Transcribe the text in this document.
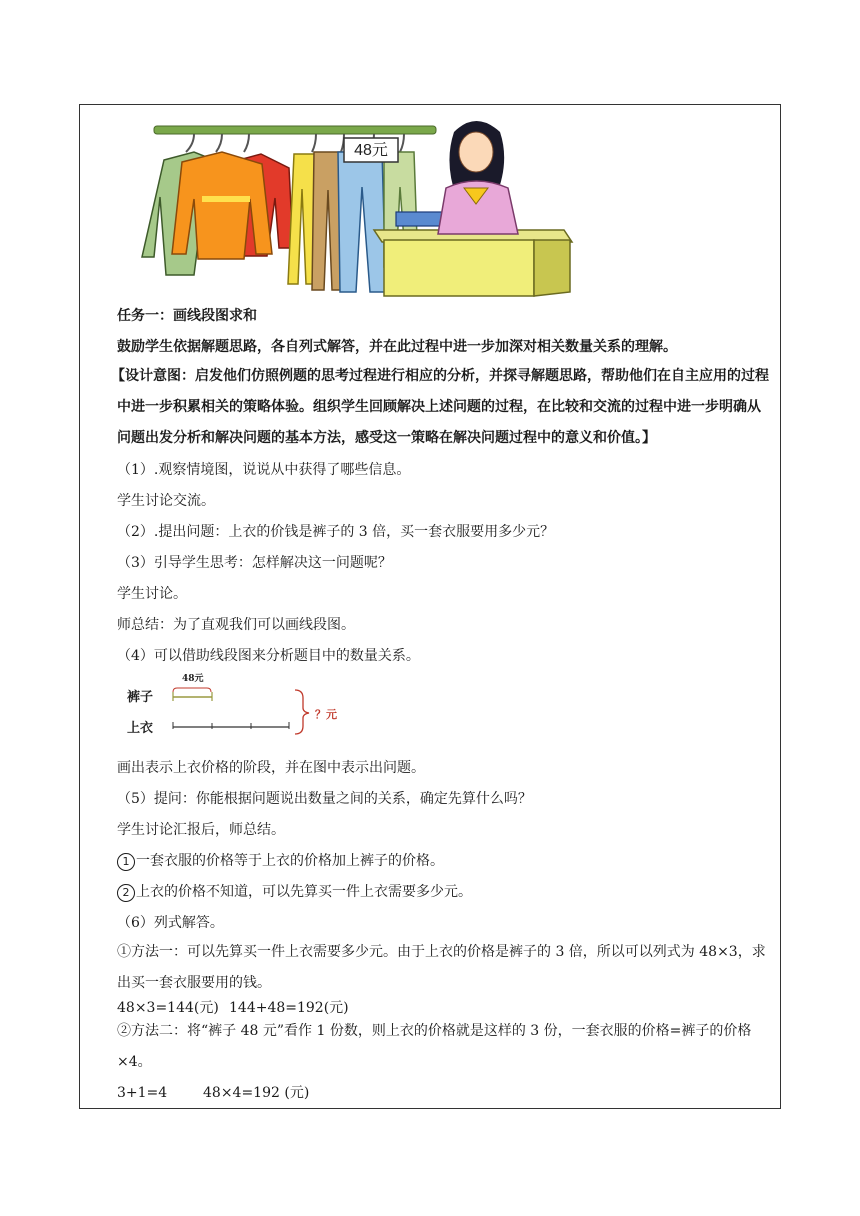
48元
任务一：画线段图求和
鼓励学生依据解题思路，各自列式解答，并在此过程中进一步加深对相关数量关系的理解。
【设计意图：启发他们仿照例题的思考过程进行相应的分析，并探寻解题思路，帮助他们在自主应用的过程中进一步积累相关的策略体验。组织学生回顾解决上述问题的过程，在比较和交流的过程中进一步明确从问题出发分析和解决问题的基本方法，感受这一策略在解决问题过程中的意义和价值。】
（1）.观察情境图，说说从中获得了哪些信息。
学生讨论交流。
（2）.提出问题：上衣的价钱是裤子的 3 倍，买一套衣服要用多少元？
（3）引导学生思考：怎样解决这一问题呢？
学生讨论。
师总结：为了直观我们可以画线段图。
（4）可以借助线段图来分析题目中的数量关系。
48元
裤子
上衣
？元
画出表示上衣价格的阶段，并在图中表示出问题。
（5）提问：你能根据问题说出数量之间的关系，确定先算什么吗？
学生讨论汇报后，师总结。
1 一套衣服的价格等于上衣的价格加上裤子的价格。
2 上衣的价格不知道，可以先算买一件上衣需要多少元。
（6）列式解答。
①方法一：可以先算买一件上衣需要多少元。由于上衣的价格是裤子的 3 倍，所以可以列式为 48×3，求出买一套衣服要用的钱。
48×3=144(元) 144+48=192(元)
②方法二：将“裤子 48 元”看作 1 份数，则上衣的价格就是这样的 3 份，一套衣服的价格=裤子的价格×4。
3+1=4	48×4=192 (元)
